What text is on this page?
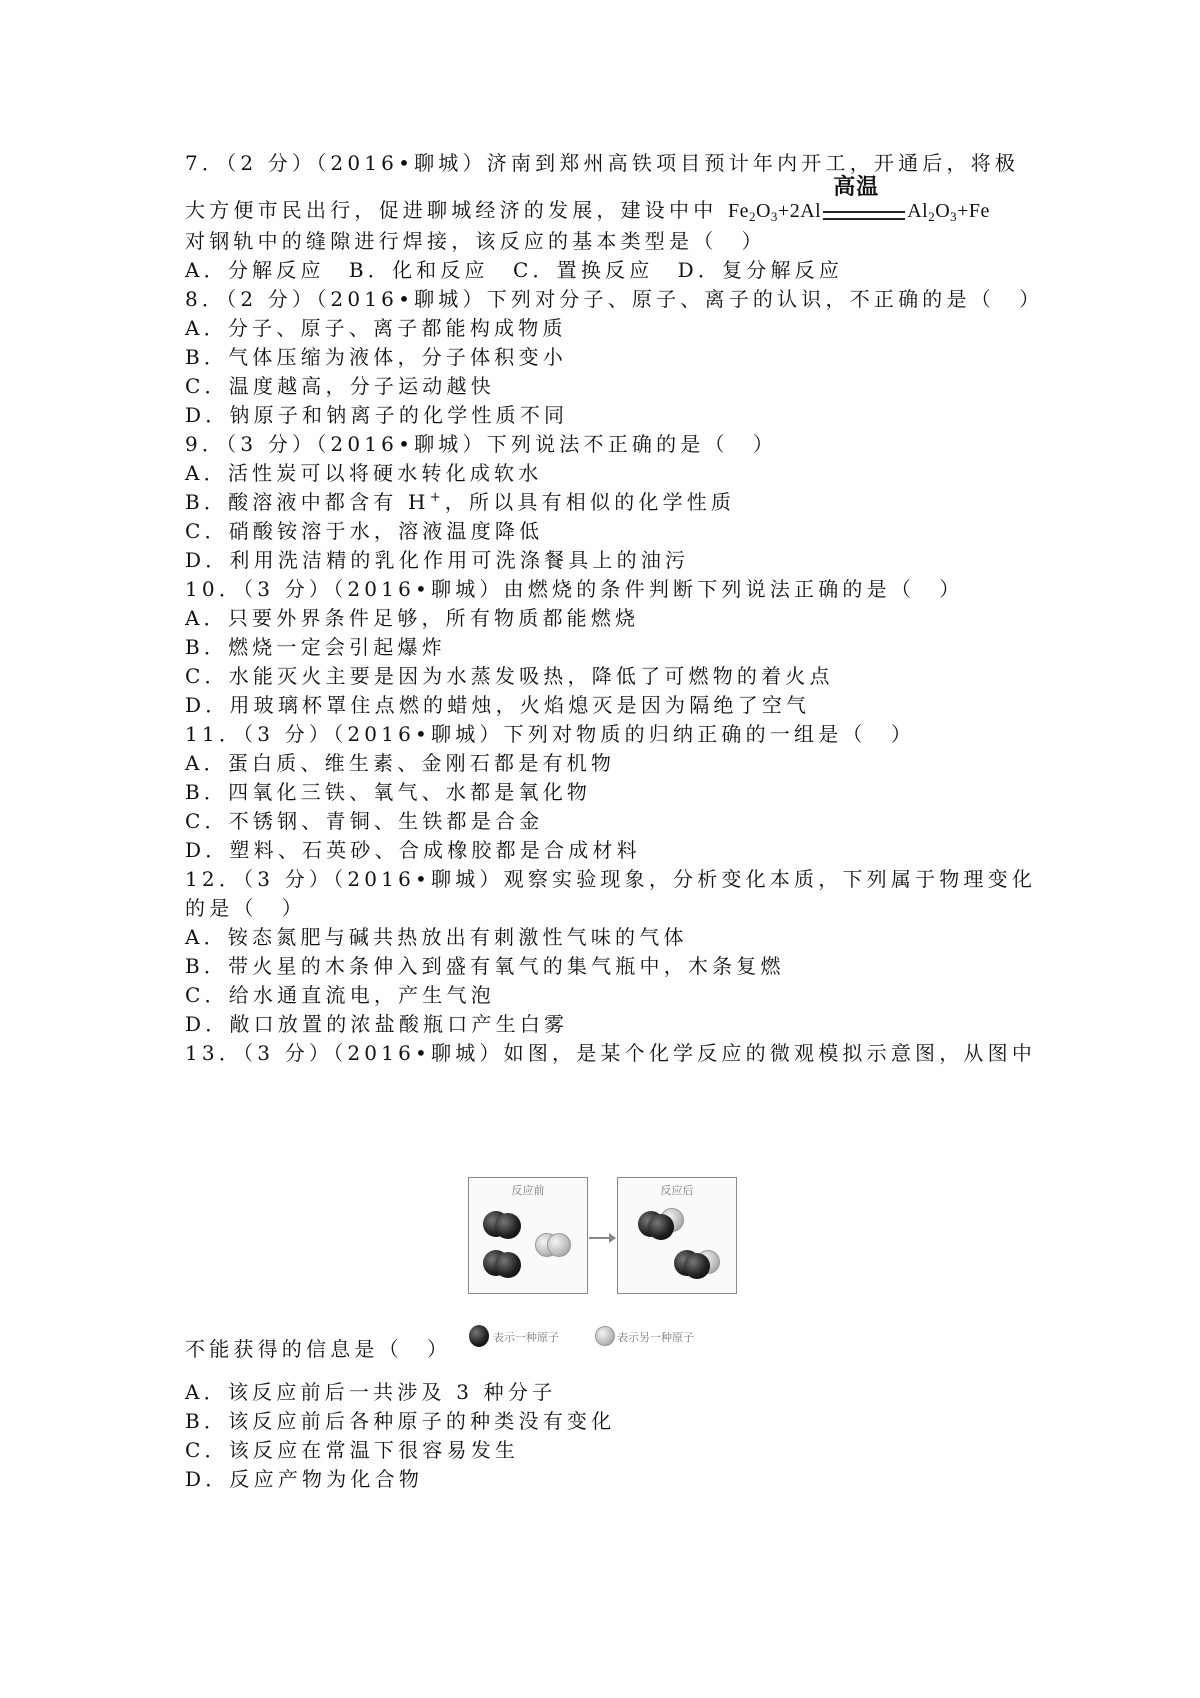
7．（2 分）（2016•聊城）济南到郑州高铁项目预计年内开工，开通后，将极
大方便市民出行，促进聊城经济的发展，建设中中 $Fe_2O_3+2Al$
高温
$Al_2O_3+Fe$
对钢轨中的缝隙进行焊接，该反应的基本类型是（　）
A．分解反应　B．化和反应　C．置换反应　D．复分解反应
8．（2 分）（2016•聊城）下列对分子、原子、离子的认识，不正确的是（　）
A．分子、原子、离子都能构成物质
B．气体压缩为液体，分子体积变小
C．温度越高，分子运动越快
D．钠原子和钠离子的化学性质不同
9．（3 分）（2016•聊城）下列说法不正确的是（　）
A．活性炭可以将硬水转化成软水
B．酸溶液中都含有 H+，所以具有相似的化学性质
C．硝酸铵溶于水，溶液温度降低
D．利用洗洁精的乳化作用可洗涤餐具上的油污
10．（3 分）（2016•聊城）由燃烧的条件判断下列说法正确的是（　）
A．只要外界条件足够，所有物质都能燃烧
B．燃烧一定会引起爆炸
C．水能灭火主要是因为水蒸发吸热，降低了可燃物的着火点
D．用玻璃杯罩住点燃的蜡烛，火焰熄灭是因为隔绝了空气
11．（3 分）（2016•聊城）下列对物质的归纳正确的一组是（　）
A．蛋白质、维生素、金刚石都是有机物
B．四氧化三铁、氧气、水都是氧化物
C．不锈钢、青铜、生铁都是合金
D．塑料、石英砂、合成橡胶都是合成材料
12．（3 分）（2016•聊城）观察实验现象，分析变化本质，下列属于物理变化
的是（　）
A．铵态氮肥与碱共热放出有刺激性气味的气体
B．带火星的木条伸入到盛有氧气的集气瓶中，木条复燃
C．给水通直流电，产生气泡
D．敞口放置的浓盐酸瓶口产生白雾
13．（3 分）（2016•聊城）如图，是某个化学反应的微观模拟示意图，从图中
反应前	反应后
表示一种原子	表示另一种原子
不能获得的信息是（　）
A．该反应前后一共涉及 3 种分子
B．该反应前后各种原子的种类没有变化
C．该反应在常温下很容易发生
D．反应产物为化合物
